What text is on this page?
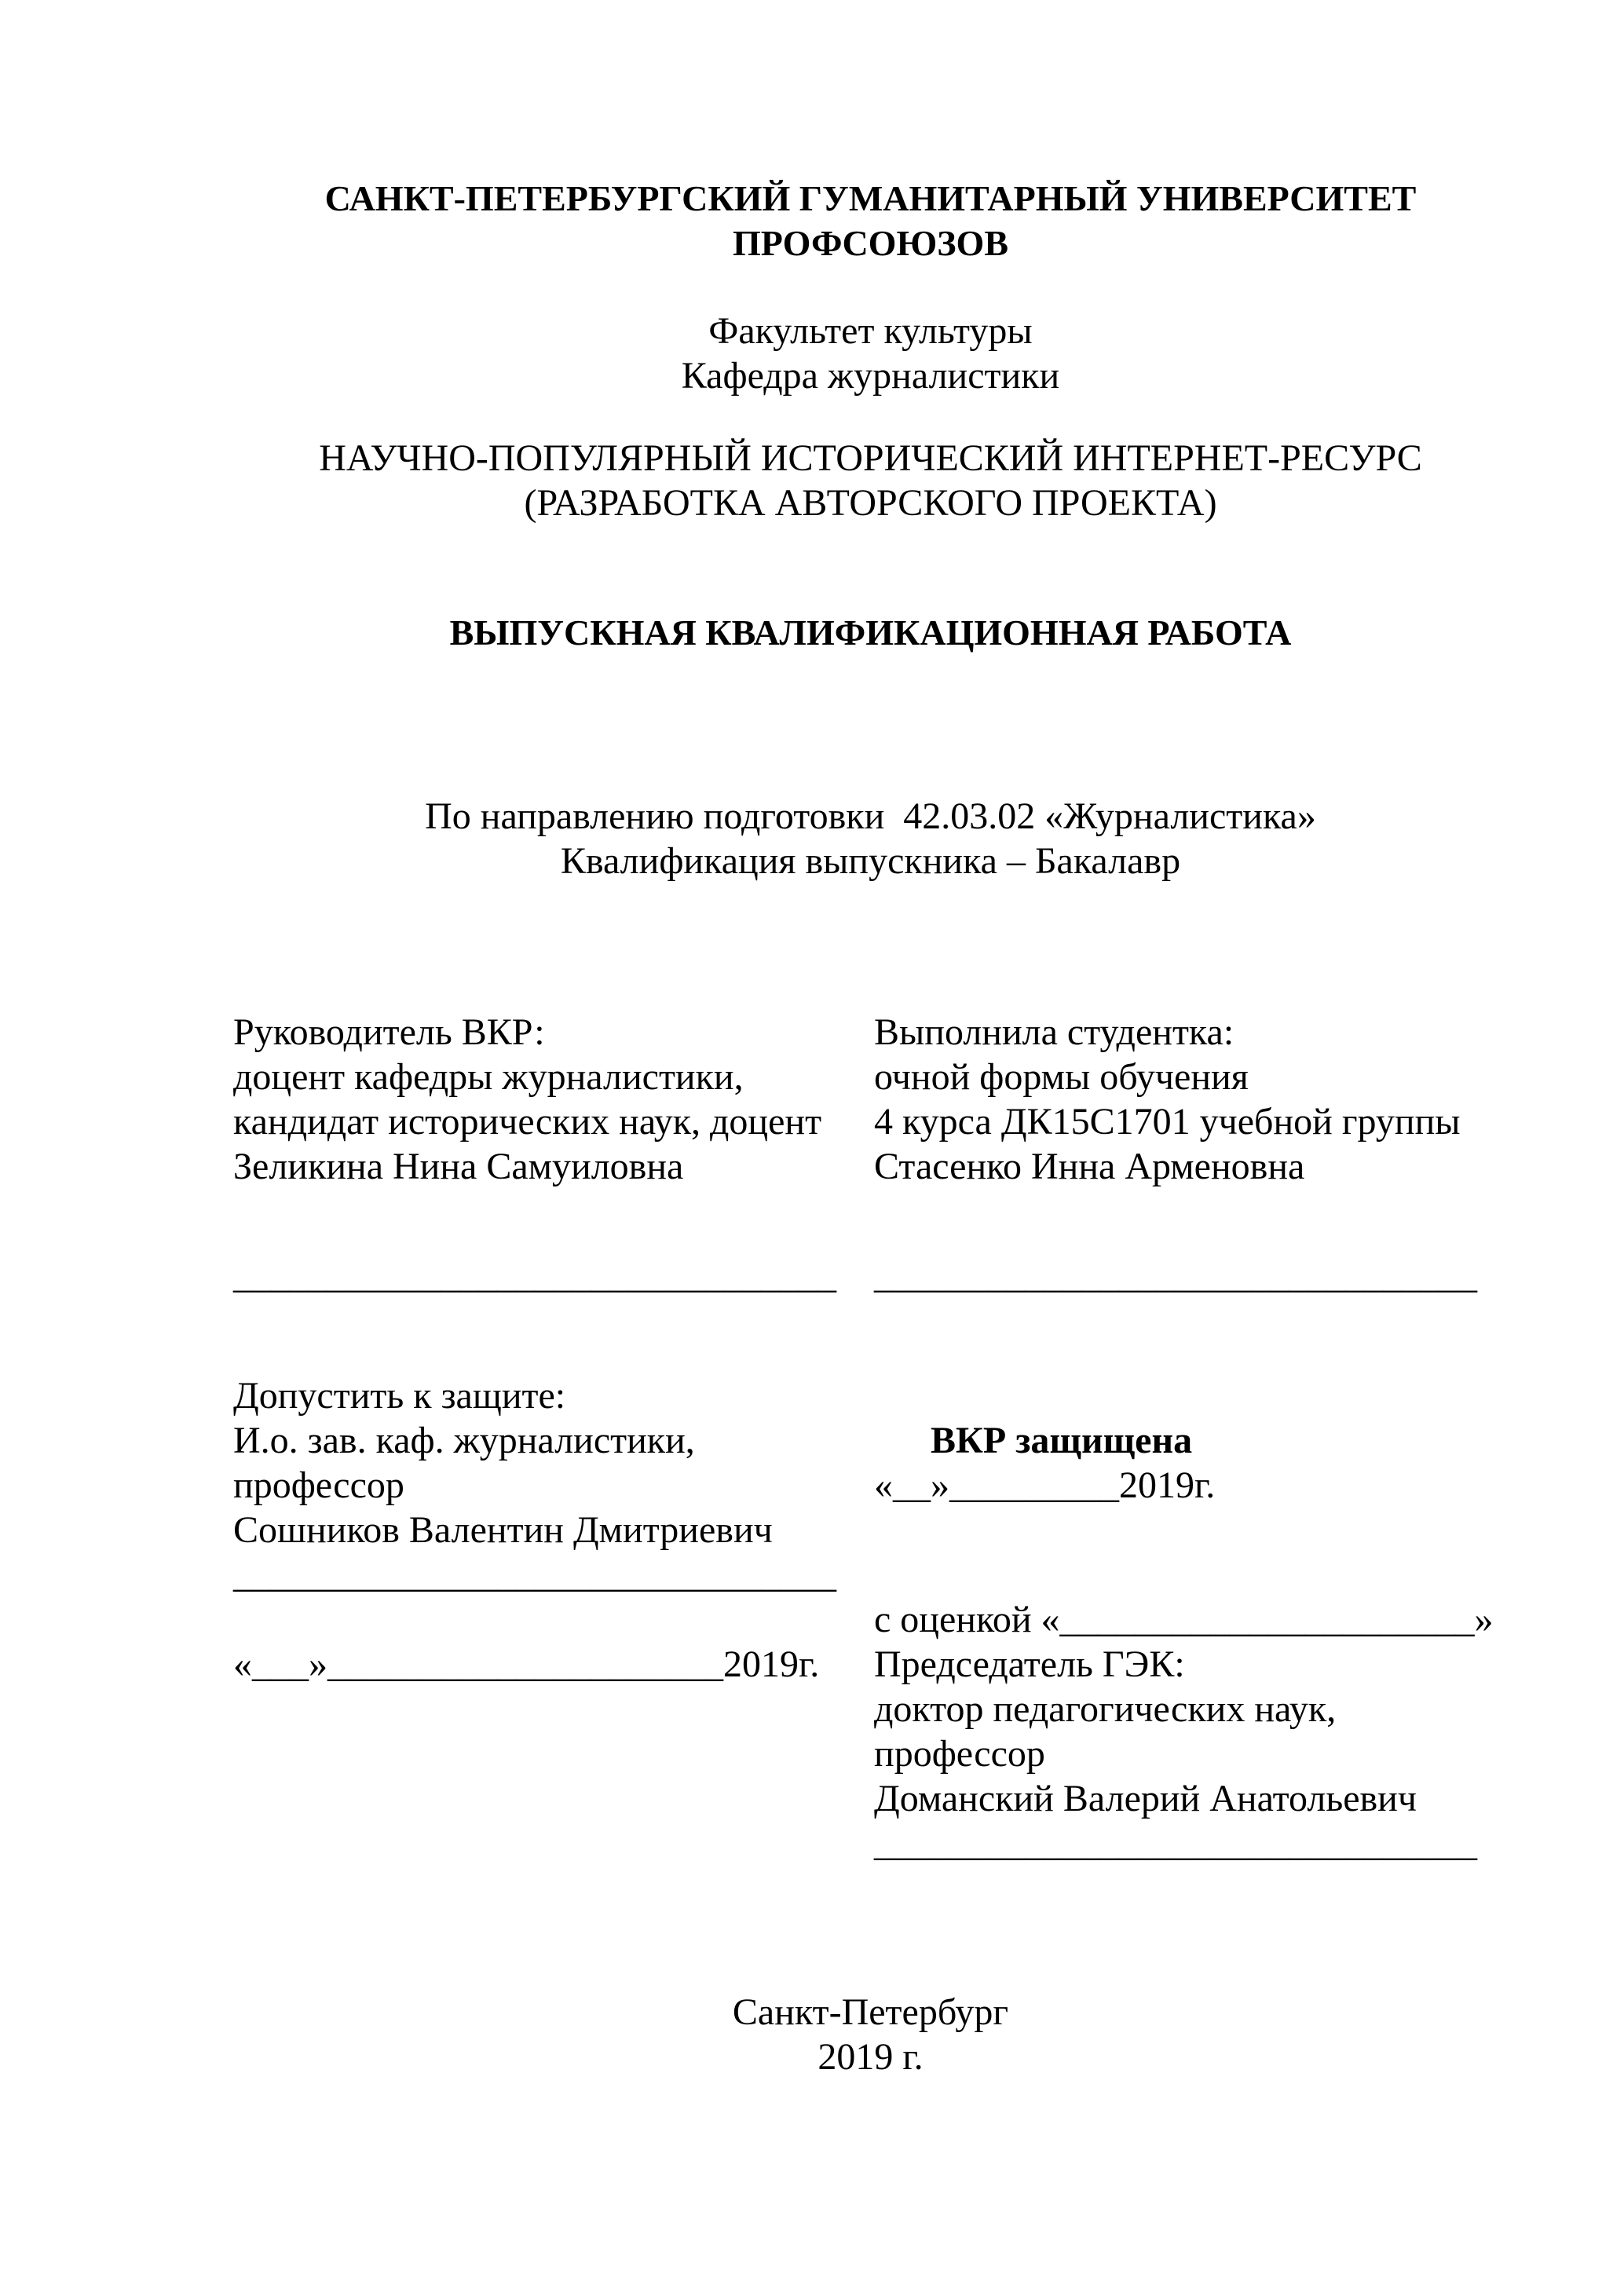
САНКТ-ПЕТЕРБУРГСКИЙ ГУМАНИТАРНЫЙ УНИВЕРСИТЕТ
ПРОФСОЮЗОВ
Факультет культуры
Кафедра журналистики
НАУЧНО-ПОПУЛЯРНЫЙ ИСТОРИЧЕСКИЙ ИНТЕРНЕТ-РЕСУРС
(РАЗРАБОТКА АВТОРСКОГО ПРОЕКТА)
ВЫПУСКНАЯ КВАЛИФИКАЦИОННАЯ РАБОТА
По направлению подготовки  42.03.02 «Журналистика»
Квалификация выпускника – Бакалавр
Руководитель ВКР:
доцент кафедры журналистики,
кандидат исторических наук, доцент
Зеликина Нина Самуиловна
Выполнила студентка:
очной формы обучения
4 курса ДК15С1701 учебной группы
Стасенко Инна Арменовна
________________________________	________________________________
Допустить к защите:
И.о. зав. каф. журналистики,
профессор
Сошников Валентин Дмитриевич
________________________________
«___»_____________________2019г.

ВКР защищена «__»_________2019г.

с оценкой «______________________»
Председатель ГЭК:
доктор педагогических наук,
профессор
Доманский Валерий Анатольевич
________________________________
Санкт-Петербург
2019 г.
